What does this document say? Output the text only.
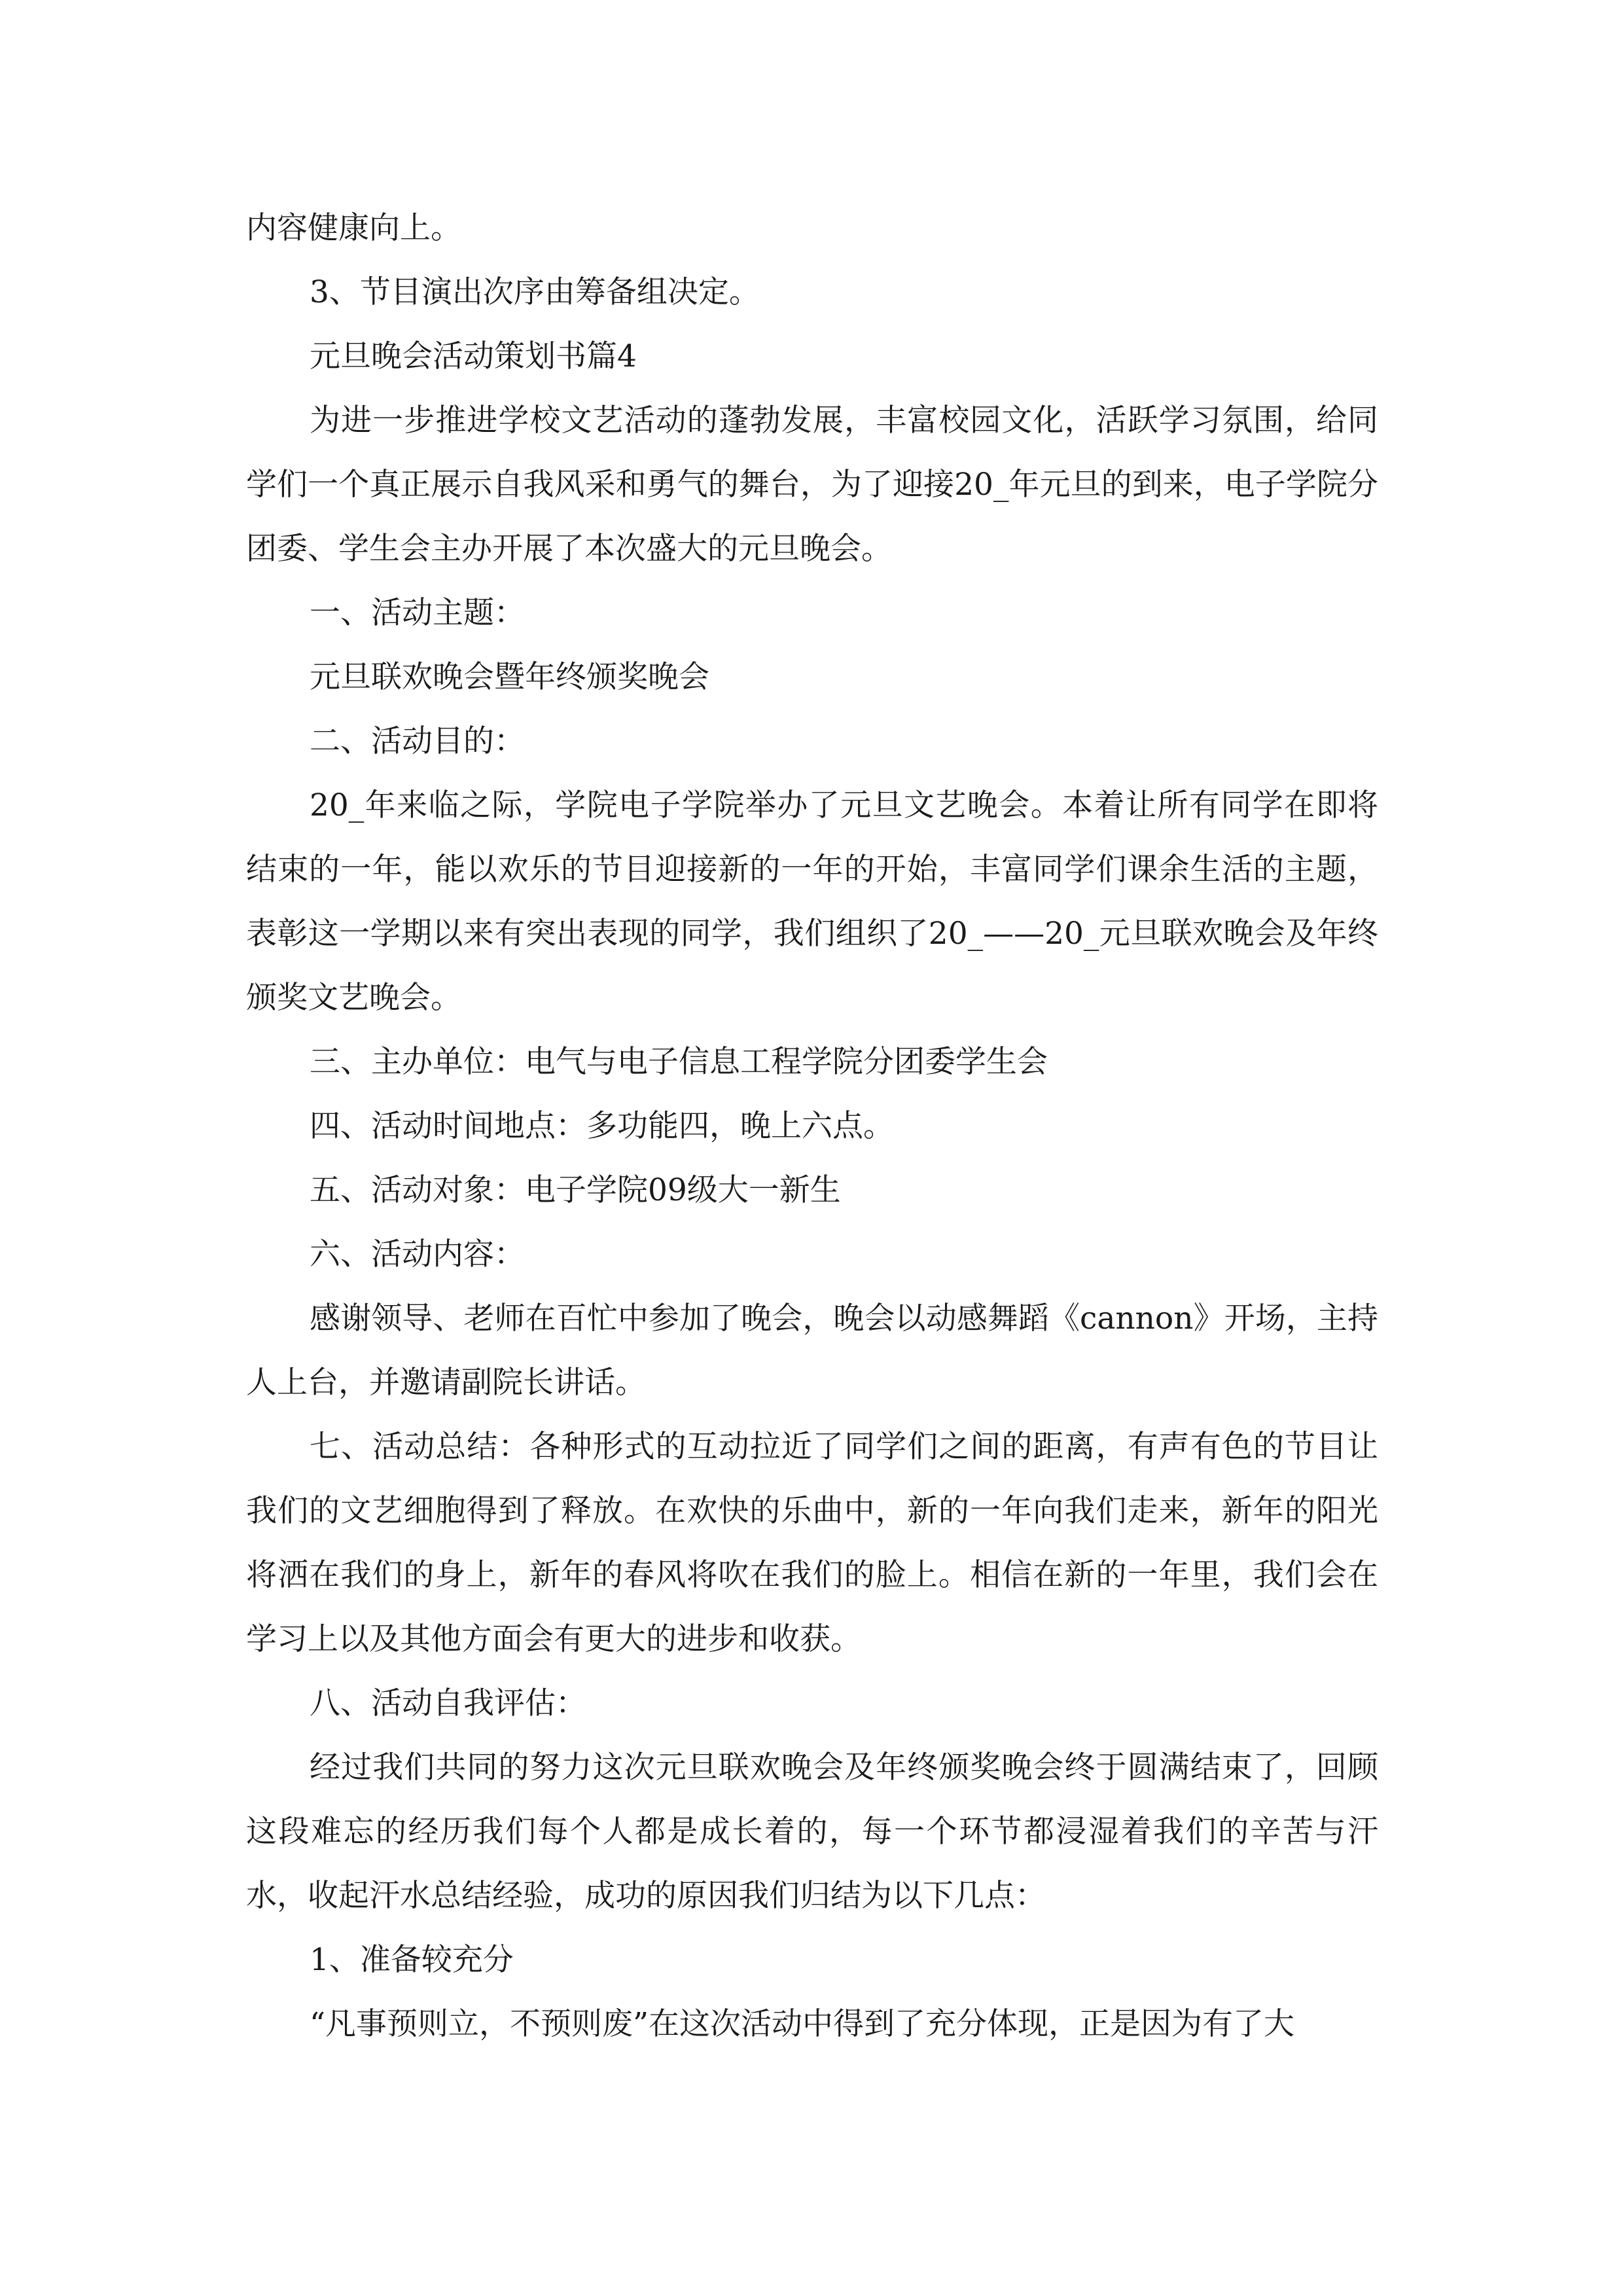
内容健康向上。

3、节目演出次序由筹备组决定。

元旦晚会活动策划书篇4

为进一步推进学校文艺活动的蓬勃发展，丰富校园文化，活跃学习氛围，给同学们一个真正展示自我风采和勇气的舞台，为了迎接20_年元旦的到来，电子学院分团委、学生会主办开展了本次盛大的元旦晚会。

一、活动主题：

元旦联欢晚会暨年终颁奖晚会

二、活动目的：

20_年来临之际，学院电子学院举办了元旦文艺晚会。本着让所有同学在即将结束的一年，能以欢乐的节目迎接新的一年的开始，丰富同学们课余生活的主题，表彰这一学期以来有突出表现的同学，我们组织了20_——20_元旦联欢晚会及年终颁奖文艺晚会。

三、主办单位：电气与电子信息工程学院分团委学生会

四、活动时间地点：多功能四，晚上六点。

五、活动对象：电子学院09级大一新生

六、活动内容：

感谢领导、老师在百忙中参加了晚会，晚会以动感舞蹈《cannon》开场，主持人上台，并邀请副院长讲话。

七、活动总结：各种形式的互动拉近了同学们之间的距离，有声有色的节目让我们的文艺细胞得到了释放。在欢快的乐曲中，新的一年向我们走来，新年的阳光将洒在我们的身上，新年的春风将吹在我们的脸上。相信在新的一年里，我们会在学习上以及其他方面会有更大的进步和收获。

八、活动自我评估：

经过我们共同的努力这次元旦联欢晚会及年终颁奖晚会终于圆满结束了，回顾这段难忘的经历我们每个人都是成长着的，每一个环节都浸湿着我们的辛苦与汗水，收起汗水总结经验，成功的原因我们归结为以下几点：

1、准备较充分

“凡事预则立，不预则废”在这次活动中得到了充分体现，正是因为有了大
